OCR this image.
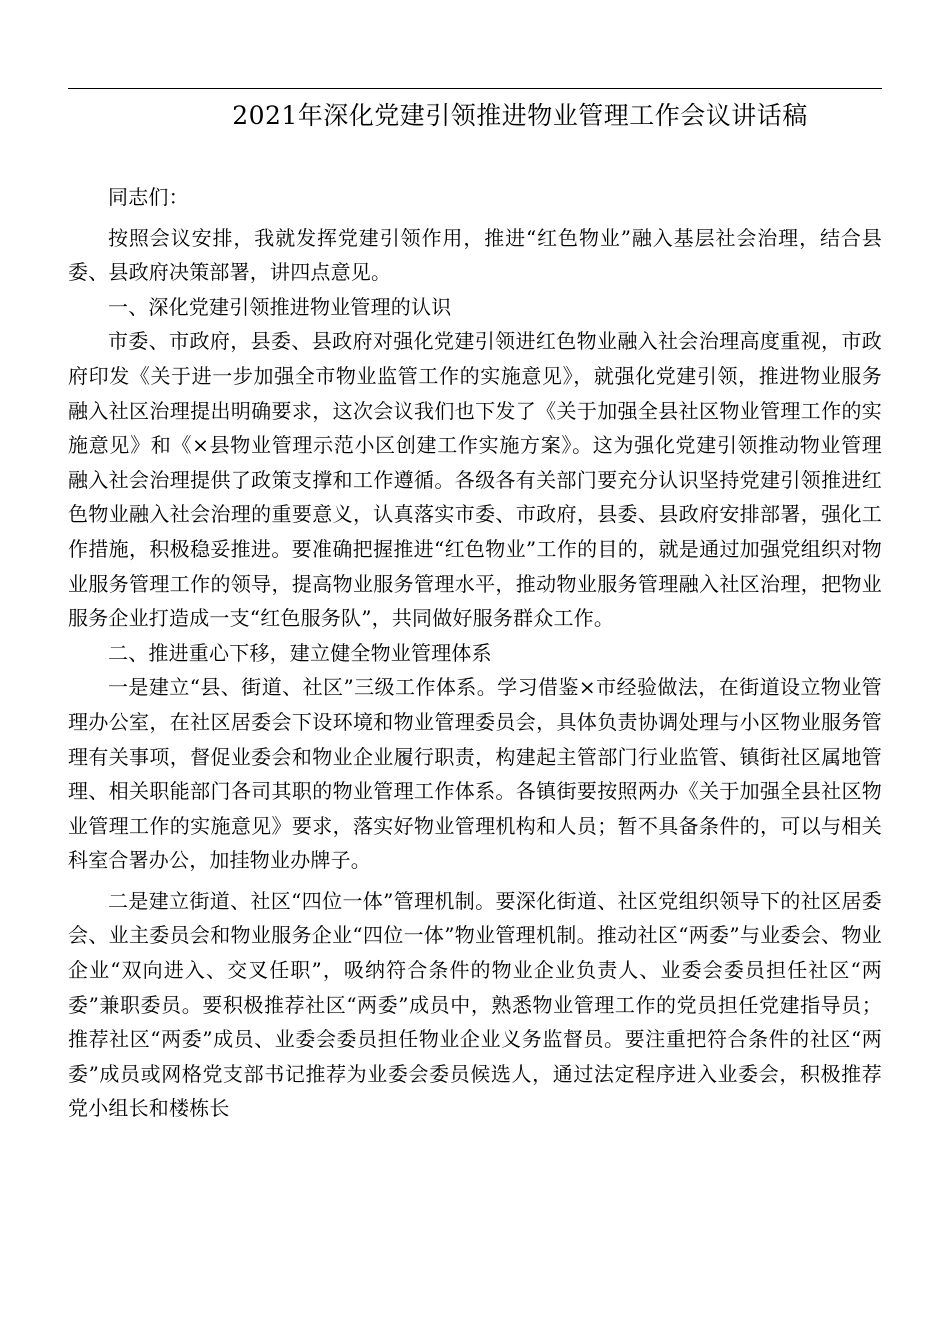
2021年深化党建引领推进物业管理工作会议讲话稿

同志们：

按照会议安排，我就发挥党建引领作用，推进“红色物业”融入基层社会治理，结合县委、县政府决策部署，讲四点意见。

一、深化党建引领推进物业管理的认识

市委、市政府，县委、县政府对强化党建引领进红色物业融入社会治理高度重视，市政府印发《关于进一步加强全市物业监管工作的实施意见》，就强化党建引领，推进物业服务融入社区治理提出明确要求，这次会议我们也下发了《关于加强全县社区物业管理工作的实施意见》和《×县物业管理示范小区创建工作实施方案》。这为强化党建引领推动物业管理融入社会治理提供了政策支撑和工作遵循。各级各有关部门要充分认识坚持党建引领推进红色物业融入社会治理的重要意义，认真落实市委、市政府，县委、县政府安排部署，强化工作措施，积极稳妥推进。要准确把握推进“红色物业”工作的目的，就是通过加强党组织对物业服务管理工作的领导，提高物业服务管理水平，推动物业服务管理融入社区治理，把物业服务企业打造成一支“红色服务队”，共同做好服务群众工作。

二、推进重心下移，建立健全物业管理体系

一是建立“县、街道、社区”三级工作体系。学习借鉴×市经验做法，在街道设立物业管理办公室，在社区居委会下设环境和物业管理委员会，具体负责协调处理与小区物业服务管理有关事项，督促业委会和物业企业履行职责，构建起主管部门行业监管、镇街社区属地管理、相关职能部门各司其职的物业管理工作体系。各镇街要按照两办《关于加强全县社区物业管理工作的实施意见》要求，落实好物业管理机构和人员；暂不具备条件的，可以与相关科室合署办公，加挂物业办牌子。

二是建立街道、社区“四位一体”管理机制。要深化街道、社区党组织领导下的社区居委会、业主委员会和物业服务企业“四位一体”物业管理机制。推动社区“两委”与业委会、物业企业“双向进入、交叉任职”，吸纳符合条件的物业企业负责人、业委会委员担任社区“两委”兼职委员。要积极推荐社区“两委”成员中，熟悉物业管理工作的党员担任党建指导员；推荐社区“两委”成员、业委会委员担任物业企业义务监督员。要注重把符合条件的社区“两委”成员或网格党支部书记推荐为业委会委员候选人，通过法定程序进入业委会，积极推荐党小组长和楼栋长
